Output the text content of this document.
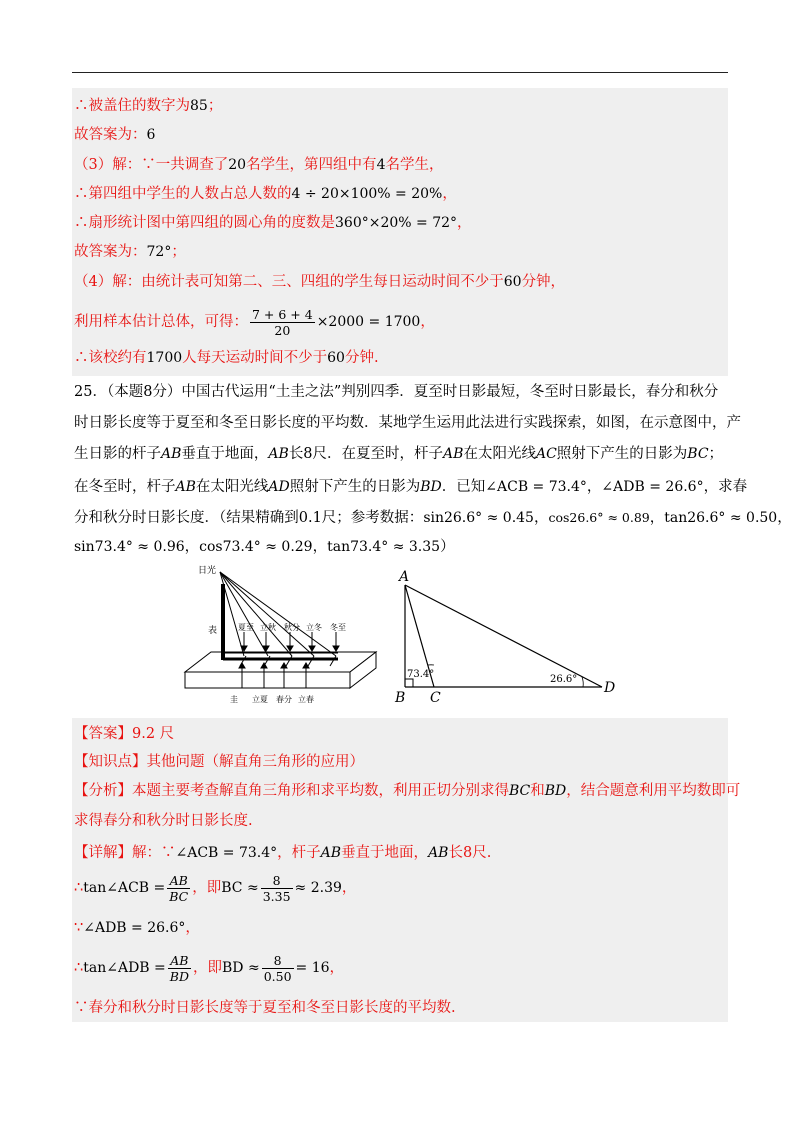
∴被盖住的数字为85；
故答案为：6
（3）解：∵一共调查了20名学生，第四组中有4名学生，
∴第四组中学生的人数占总人数的4 ÷ 20×100% = 20%，
∴扇形统计图中第四组的圆心角的度数是360°×20% = 72°，
故答案为：72°；
（4）解：由统计表可知第二、三、四组的学生每日运动时间不少于60分钟，
利用样本估计总体，可得： $\frac{7 + 6 + 4}{20} \times 2000 = 1700$，
∴该校约有1700人每天运动时间不少于60分钟.
25．（本题8分）中国古代运用“土圭之法”判别四季．夏至时日影最短，冬至时日影最长，春分和秋分
时日影长度等于夏至和冬至日影长度的平均数．某地学生运用此法进行实践探索，如图，在示意图中，产
生日影的杆子AB垂直于地面，AB长8尺．在夏至时，杆子AB在太阳光线AC照射下产生的日影为BC；
在冬至时，杆子AB在太阳光线AD照射下产生的日影为BD．已知∠ACB = 73.4°，∠ADB = 26.6°，求春
分和秋分时日影长度．（结果精确到0.1尺；参考数据：sin26.6° ≈ 0.45，cos26.6° ≈ 0.89，tan26.6° ≈ 0.50，
sin73.4° ≈ 0.96，cos73.4° ≈ 0.29，tan73.4° ≈ 3.35）
日光
表	夏至 立秋 秋分 立冬 冬至
圭 立夏 春分 立春
A
B C
D
73.4°	26.6°
【答案】9.2 尺
【知识点】其他问题（解直角三角形的应用）
【分析】本题主要考查解直角三角形和求平均数，利用正切分别求得BC和BD，结合题意利用平均数即可
求得春分和秋分时日影长度.
【详解】解：∵∠ACB = 73.4°，杆子AB垂直于地面，AB长8尺.
∴tan∠ACB = $\frac{AB}{BC}$ ，即BC ≈ $\frac{8}{3.35} \approx 2.39$，
∵∠ADB = 26.6°，
∴tan∠ADB = $\frac{AB}{BD}$ ，即BD ≈ $\frac{8}{0.50} = 16$，
∵春分和秋分时日影长度等于夏至和冬至日影长度的平均数.
